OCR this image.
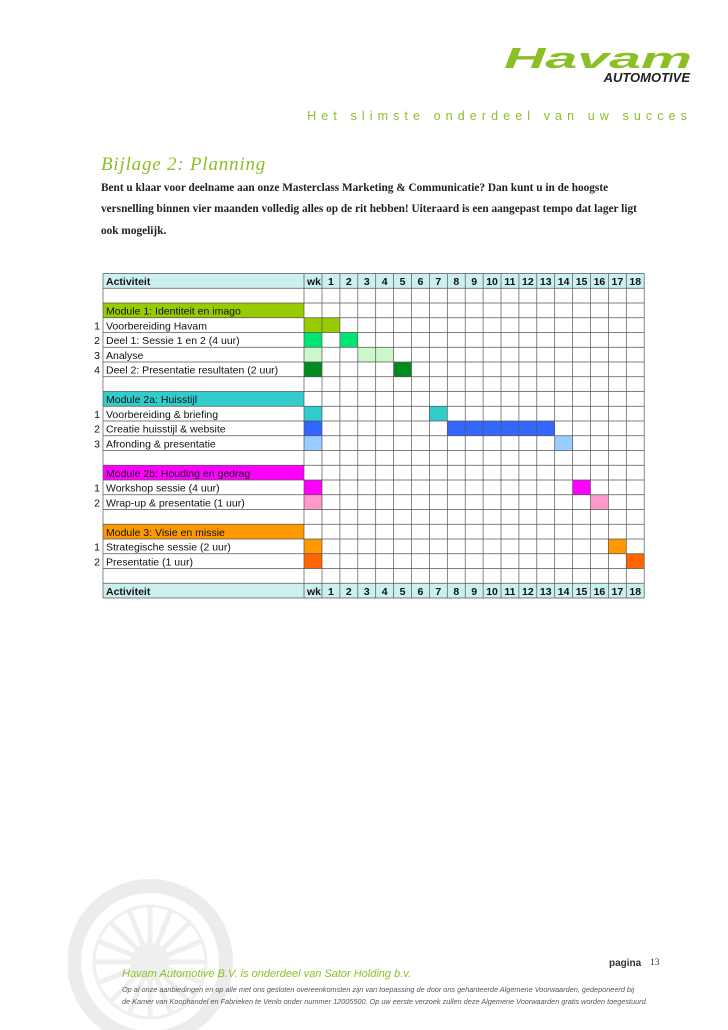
Havam
AUTOMOTIVE
Het slimste onderdeel van uw succes
Bijlage 2: Planning
Bent u klaar voor deelname aan onze Masterclass Marketing & Communicatie? Dan kunt u in de hoogste versnelling binnen vier maanden volledig alles op de rit hebben! Uiteraard is een aangepast tempo dat lager ligt ook mogelijk.
Activiteit	wk 1 2 3 4 5 6 7 8 9 10 11 12 13 14 15 16 17 18
Module 1: Identiteit en imago
1 Voorbereiding Havam
2 Deel 1: Sessie 1 en 2 (4 uur)
3 Analyse
4 Deel 2: Presentatie resultaten (2 uur)
Module 2a: Huisstijl
1 Voorbereiding & briefing
2 Creatie huisstijl & website
3 Afronding & presentatie
Module 2b: Houding en gedrag
1 Workshop sessie (4 uur)
2 Wrap-up & presentatie (1 uur)
Module 3: Visie en missie
1 Strategische sessie (2 uur)
2 Presentatie (1 uur)
Activiteit	wk 1 2 3 4 5 6 7 8 9 10 11 12 13 14 15 16 17 18
pagina 13
Havam Automotive B.V. is onderdeel van Sator Holding b.v.
Op al onze aanbiedingen en op alle met ons gesloten overeenkomsten zijn van toepassing de door ons gehanteerde Algemene Voorwaarden, gedeponeerd bij
de Kamer van Koophandel en Fabrieken te Venlo onder nummer 12005500. Op uw eerste verzoek zullen deze Algemene Voorwaarden gratis worden toegestuurd.
